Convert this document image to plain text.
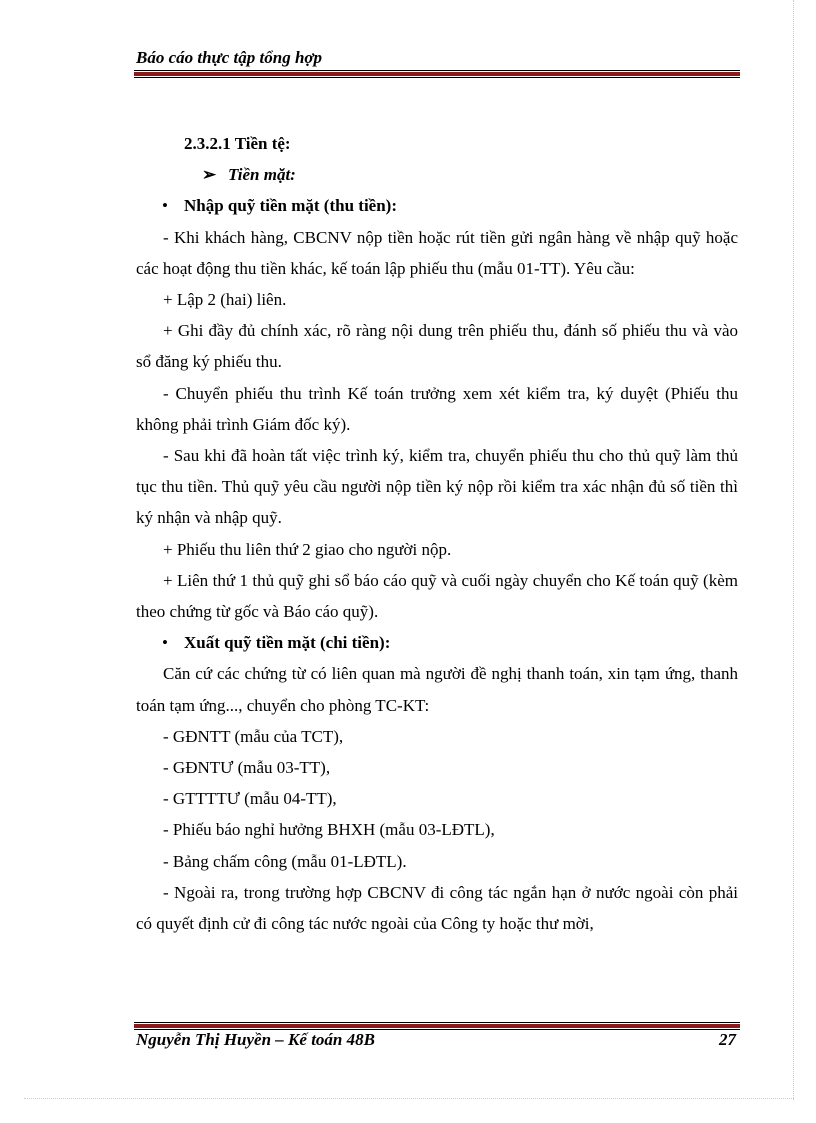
Báo cáo thực tập tổng hợp

2.3.2.1 Tiền tệ:

➢ Tiền mặt:

• Nhập quỹ tiền mặt (thu tiền):

- Khi khách hàng, CBCNV nộp tiền hoặc rút tiền gửi ngân hàng về nhập quỹ hoặc các hoạt động thu tiền khác, kế toán lập phiếu thu (mẫu 01-TT). Yêu cầu:

+ Lập 2 (hai) liên.

+ Ghi đầy đủ chính xác, rõ ràng nội dung trên phiếu thu, đánh số phiếu thu và vào sổ đăng ký phiếu thu.

- Chuyển phiếu thu trình Kế toán trưởng xem xét kiểm tra, ký duyệt (Phiếu thu không phải trình Giám đốc ký).

- Sau khi đã hoàn tất việc trình ký, kiểm tra, chuyển phiếu thu cho thủ quỹ làm thủ tục thu tiền. Thủ quỹ yêu cầu người nộp tiền ký nộp rồi kiểm tra xác nhận đủ số tiền thì ký nhận và nhập quỹ.

+ Phiếu thu liên thứ 2 giao cho người nộp.

+ Liên thứ 1 thủ quỹ ghi sổ báo cáo quỹ và cuối ngày chuyển cho Kế toán quỹ (kèm theo chứng từ gốc và Báo cáo quỹ).

• Xuất quỹ tiền mặt (chi tiền):

Căn cứ các chứng từ có liên quan mà người đề nghị thanh toán, xin tạm ứng, thanh toán tạm ứng..., chuyển cho phòng TC-KT:

- GĐNTT (mẫu của TCT),

- GĐNTƯ (mẫu 03-TT),

- GTTTTƯ (mẫu 04-TT),

- Phiếu báo nghỉ hưởng BHXH (mẫu 03-LĐTL),

- Bảng chấm công (mẫu 01-LĐTL).

- Ngoài ra, trong trường hợp CBCNV đi công tác ngắn hạn ở nước ngoài còn phải có quyết định cử đi công tác nước ngoài của Công ty hoặc thư mời,

Nguyễn Thị Huyền – Kế toán 48B	27
